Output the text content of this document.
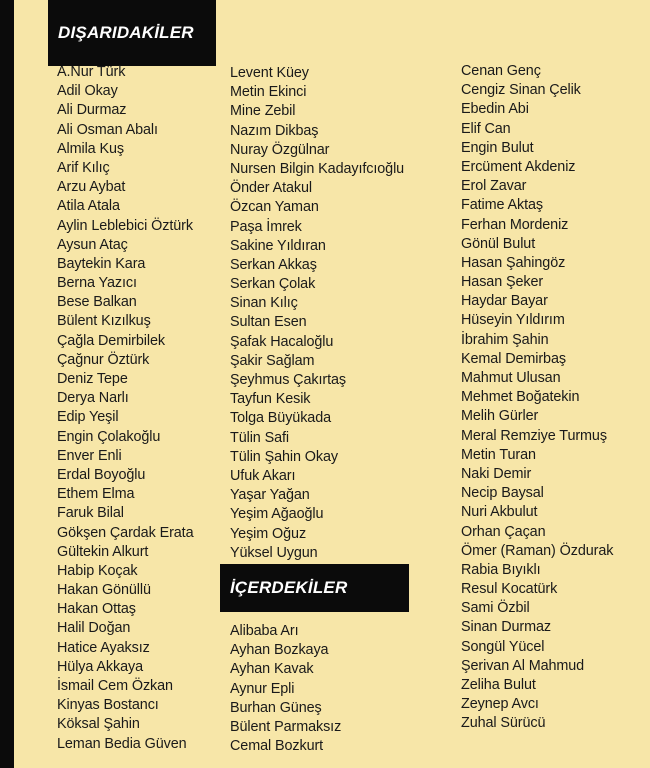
DIŞARIDAKİLER
A.Nur Türk
Adil Okay
Ali Durmaz
Ali Osman Abalı
Almila Kuş
Arif Kılıç
Arzu Aybat
Atila Atala
Aylin Leblebici Öztürk
Aysun Ataç
Baytekin Kara
Berna Yazıcı
Bese Balkan
Bülent Kızılkuş
Çağla Demirbilek
Çağnur Öztürk
Deniz Tepe
Derya Narlı
Edip Yeşil
Engin Çolakoğlu
Enver Enli
Erdal Boyoğlu
Ethem Elma
Faruk Bilal
Gökşen Çardak Erata
Gültekin Alkurt
Habip Koçak
Hakan Gönüllü
Hakan Ottaş
Halil Doğan
Hatice Ayaksız
Hülya Akkaya
İsmail Cem Özkan
Kinyas Bostancı
Köksal Şahin
Leman Bedia Güven
Levent Küey
Metin Ekinci
Mine Zebil
Nazım Dikbaş
Nuray Özgülnar
Nursen Bilgin Kadayıfcıoğlu
Önder Atakul
Özcan Yaman
Paşa İmrek
Sakine Yıldıran
Serkan Akkaş
Serkan Çolak
Sinan Kılıç
Sultan Esen
Şafak Hacaloğlu
Şakir Sağlam
Şeyhmus Çakırtaş
Tayfun Kesik
Tolga Büyükada
Tülin Safi
Tülin Şahin Okay
Ufuk Akarı
Yaşar Yağan
Yeşim Ağaoğlu
Yeşim Oğuz
Yüksel Uygun
Cenan Genç
Cengiz Sinan Çelik
Ebedin Abi
Elif Can
Engin Bulut
Ercüment Akdeniz
Erol Zavar
Fatime Aktaş
Ferhan Mordeniz
Gönül Bulut
Hasan Şahingöz
Hasan Şeker
Haydar Bayar
Hüseyin Yıldırım
İbrahim Şahin
Kemal Demirbaş
Mahmut Ulusan
Mehmet Boğatekin
Melih Gürler
Meral Remziye Turmuş
Metin Turan
Naki Demir
Necip Baysal
Nuri Akbulut
Orhan Çaçan
Ömer (Raman) Özdurak
Rabia Bıyıklı
Resul Kocatürk
Sami Özbil
Sinan Durmaz
Songül Yücel
Şerivan Al Mahmud
Zeliha Bulut
Zeynep Avcı
Zuhal Sürücü
İÇERDEKİLER
Alibaba Arı
Ayhan Bozkaya
Ayhan Kavak
Aynur Epli
Burhan Güneş
Bülent Parmaksız
Cemal Bozkurt
